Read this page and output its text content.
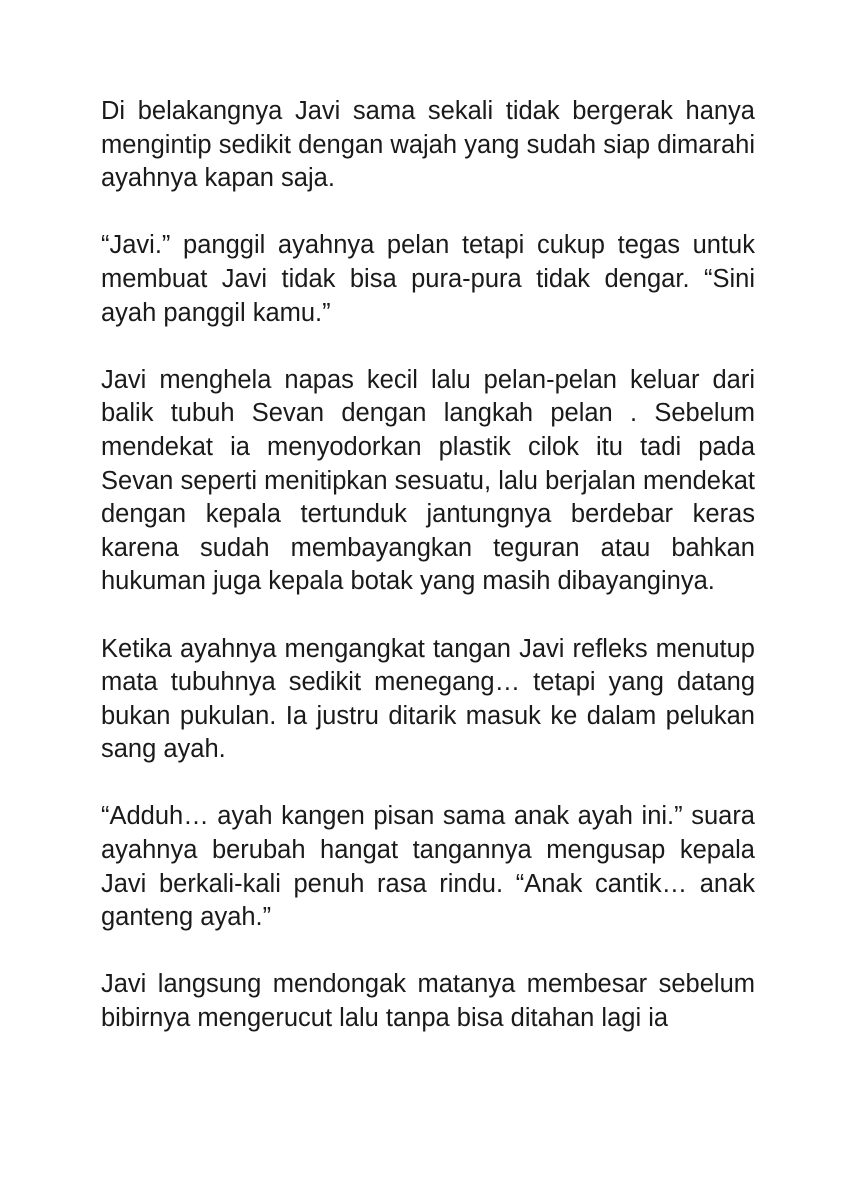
Di belakangnya Javi sama sekali tidak bergerak hanya mengintip sedikit dengan wajah yang sudah siap dimarahi ayahnya kapan saja.

“Javi.” panggil ayahnya pelan tetapi cukup tegas untuk membuat Javi tidak bisa pura-pura tidak dengar. “Sini ayah panggil kamu.”

Javi menghela napas kecil lalu pelan-pelan keluar dari balik tubuh Sevan dengan langkah pelan . Sebelum mendekat ia menyodorkan plastik cilok itu tadi pada Sevan seperti menitipkan sesuatu, lalu berjalan mendekat dengan kepala tertunduk jantungnya berdebar keras karena sudah membayangkan teguran atau bahkan hukuman juga kepala botak yang masih dibayanginya.

Ketika ayahnya mengangkat tangan Javi refleks menutup mata tubuhnya sedikit menegang… tetapi yang datang bukan pukulan. Ia justru ditarik masuk ke dalam pelukan sang ayah.

“Adduh… ayah kangen pisan sama anak ayah ini.” suara ayahnya berubah hangat tangannya mengusap kepala Javi berkali-kali penuh rasa rindu. “Anak cantik… anak ganteng ayah.”

Javi langsung mendongak matanya membesar sebelum bibirnya mengerucut lalu tanpa bisa ditahan lagi ia
